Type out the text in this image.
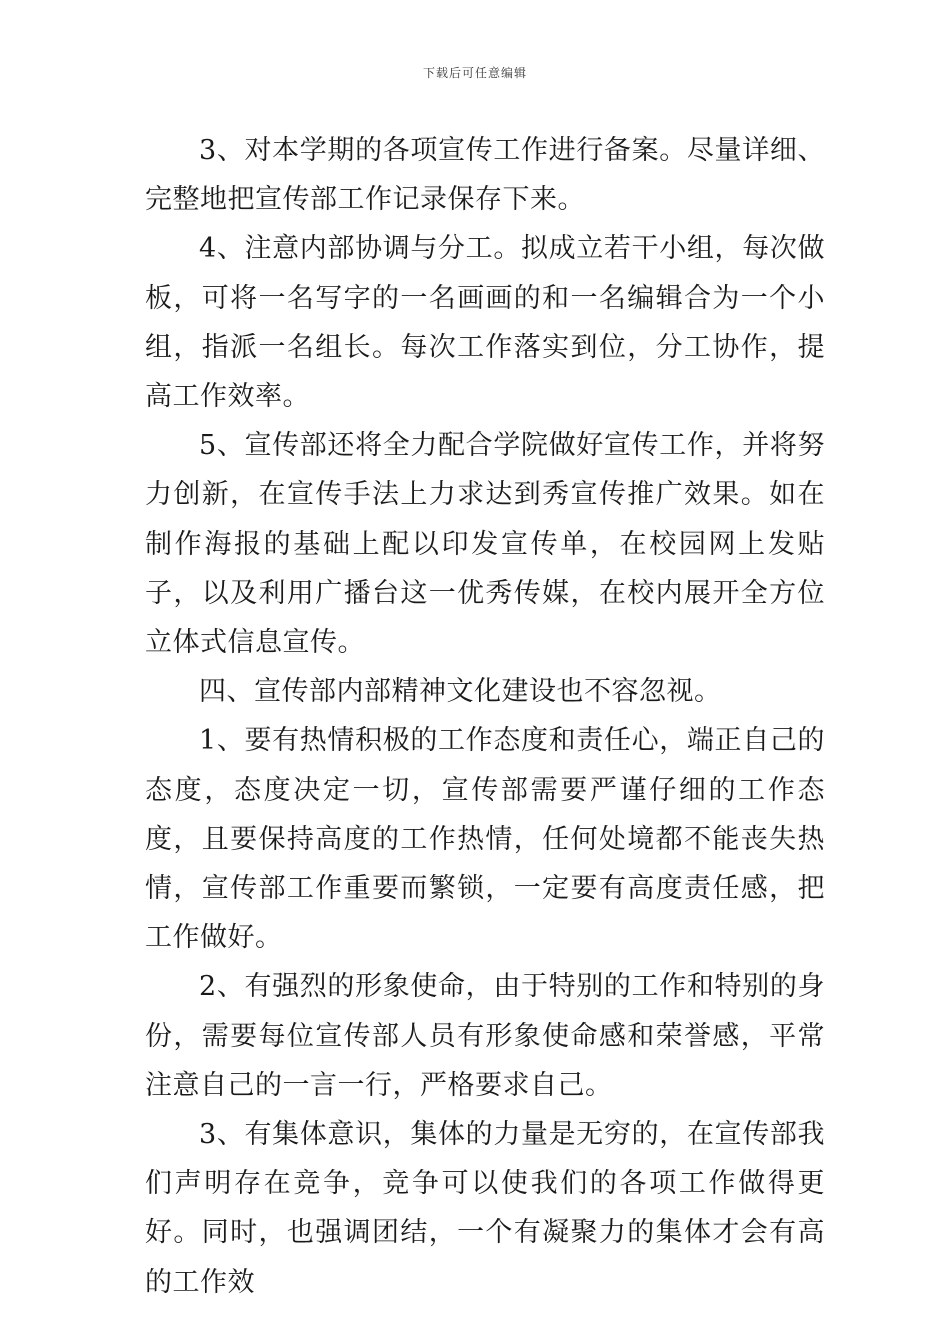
下载后可任意编辑

3、对本学期的各项宣传工作进行备案。尽量详细、完整地把宣传部工作记录保存下来。

4、注意内部协调与分工。拟成立若干小组，每次做板，可将一名写字的一名画画的和一名编辑合为一个小组，指派一名组长。每次工作落实到位，分工协作，提高工作效率。

5、宣传部还将全力配合学院做好宣传工作，并将努力创新，在宣传手法上力求达到秀宣传推广效果。如在制作海报的基础上配以印发宣传单，在校园网上发贴子，以及利用广播台这一优秀传媒，在校内展开全方位立体式信息宣传。

四、宣传部内部精神文化建设也不容忽视。

1、要有热情积极的工作态度和责任心，端正自己的态度，态度决定一切，宣传部需要严谨仔细的工作态度，且要保持高度的工作热情，任何处境都不能丧失热情，宣传部工作重要而繁锁，一定要有高度责任感，把工作做好。

2、有强烈的形象使命，由于特别的工作和特别的身份，需要每位宣传部人员有形象使命感和荣誉感，平常注意自己的一言一行，严格要求自己。

3、有集体意识，集体的力量是无穷的，在宣传部我们声明存在竞争，竞争可以使我们的各项工作做得更好。同时，也强调团结，一个有凝聚力的集体才会有高的工作效
